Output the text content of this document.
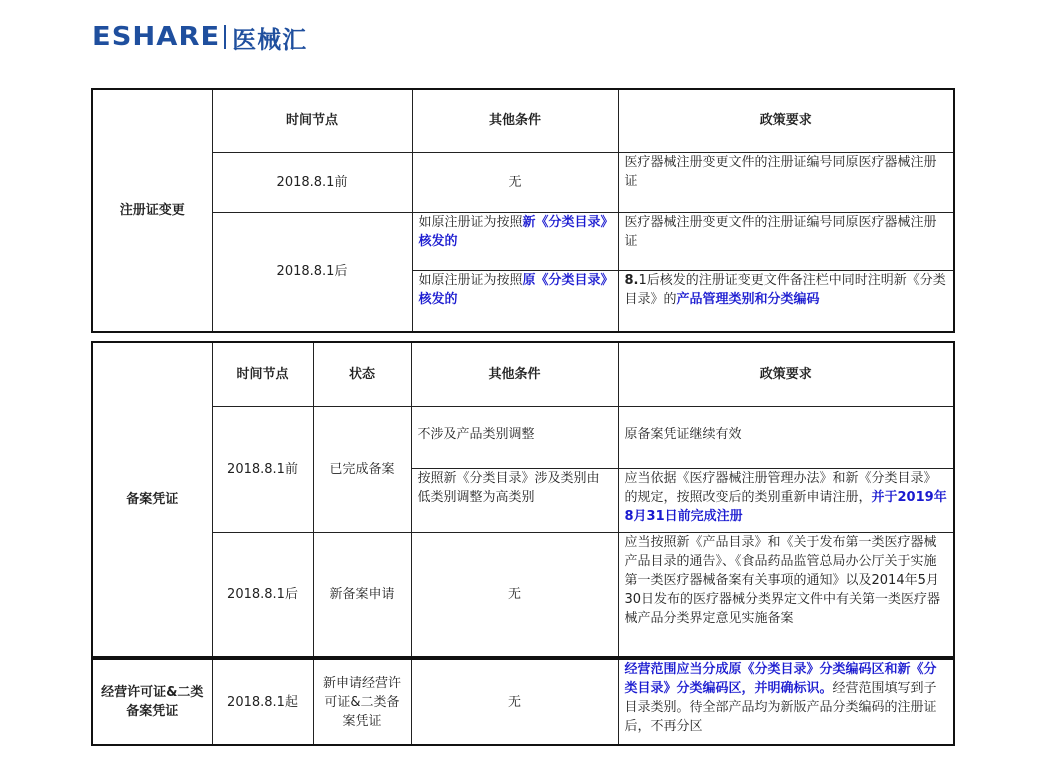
ESHARE 医械汇
注册证变更	时间节点	其他条件	政策要求
	2018.8.1前	无	医疗器械注册变更文件的注册证编号同原医疗器械注册证
	2018.8.1后	如原注册证为按照新《分类目录》核发的	医疗器械注册变更文件的注册证编号同原医疗器械注册证
		如原注册证为按照原《分类目录》核发的	8.1后核发的注册证变更文件备注栏中同时注明新《分类目录》的产品管理类别和分类编码
备案凭证	时间节点	状态	其他条件	政策要求
	2018.8.1前	已完成备案	不涉及产品类别调整	原备案凭证继续有效
			按照新《分类目录》涉及类别由低类别调整为高类别	应当依据《医疗器械注册管理办法》和新《分类目录》的规定，按照改变后的类别重新申请注册，并于2019年8月31日前完成注册
	2018.8.1后	新备案申请	无	应当按照新《产品目录》和《关于发布第一类医疗器械产品目录的通告》、《食品药品监管总局办公厅关于实施第一类医疗器械备案有关事项的通知》以及2014年5月30日发布的医疗器械分类界定文件中有关第一类医疗器械产品分类界定意见实施备案
经营许可证&二类备案凭证	2018.8.1起	新申请经营许可证&二类备案凭证	无	经营范围应当分成原《分类目录》分类编码区和新《分类目录》分类编码区，并明确标识。经营范围填写到子目录类别。待全部产品均为新版产品分类编码的注册证后，不再分区
